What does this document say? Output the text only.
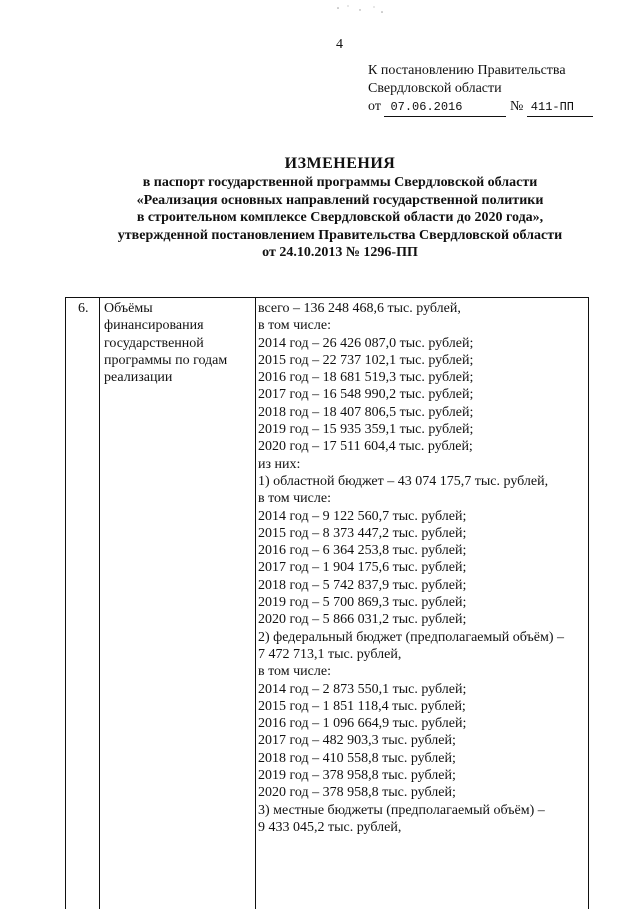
4
К постановлению Правительства
Свердловской области
от 07.06.2016	№ 411-ПП
ИЗМЕНЕНИЯ
в паспорт государственной программы Свердловской области
«Реализация основных направлений государственной политики
в строительном комплексе Свердловской области до 2020 года»,
утвержденной постановлением Правительства Свердловской области
от 24.10.2013 № 1296-ПП
6.	Объёмы
финансирования
государственной
программы по годам
реализации
всего – 136 248 468,6 тыс. рублей,
в том числе:
2014 год – 26 426 087,0 тыс. рублей;
2015 год – 22 737 102,1 тыс. рублей;
2016 год – 18 681 519,3 тыс. рублей;
2017 год – 16 548 990,2 тыс. рублей;
2018 год – 18 407 806,5 тыс. рублей;
2019 год – 15 935 359,1 тыс. рублей;
2020 год – 17 511 604,4 тыс. рублей;
из них:
1) областной бюджет – 43 074 175,7 тыс. рублей,
в том числе:
2014 год – 9 122 560,7 тыс. рублей;
2015 год – 8 373 447,2 тыс. рублей;
2016 год – 6 364 253,8 тыс. рублей;
2017 год – 1 904 175,6 тыс. рублей;
2018 год – 5 742 837,9 тыс. рублей;
2019 год – 5 700 869,3 тыс. рублей;
2020 год – 5 866 031,2 тыс. рублей;
2) федеральный бюджет (предполагаемый объём) –
7 472 713,1 тыс. рублей,
в том числе:
2014 год – 2 873 550,1 тыс. рублей;
2015 год – 1 851 118,4 тыс. рублей;
2016 год – 1 096 664,9 тыс. рублей;
2017 год – 482 903,3 тыс. рублей;
2018 год – 410 558,8 тыс. рублей;
2019 год – 378 958,8 тыс. рублей;
2020 год – 378 958,8 тыс. рублей;
3) местные бюджеты (предполагаемый объём) –
9 433 045,2 тыс. рублей,
